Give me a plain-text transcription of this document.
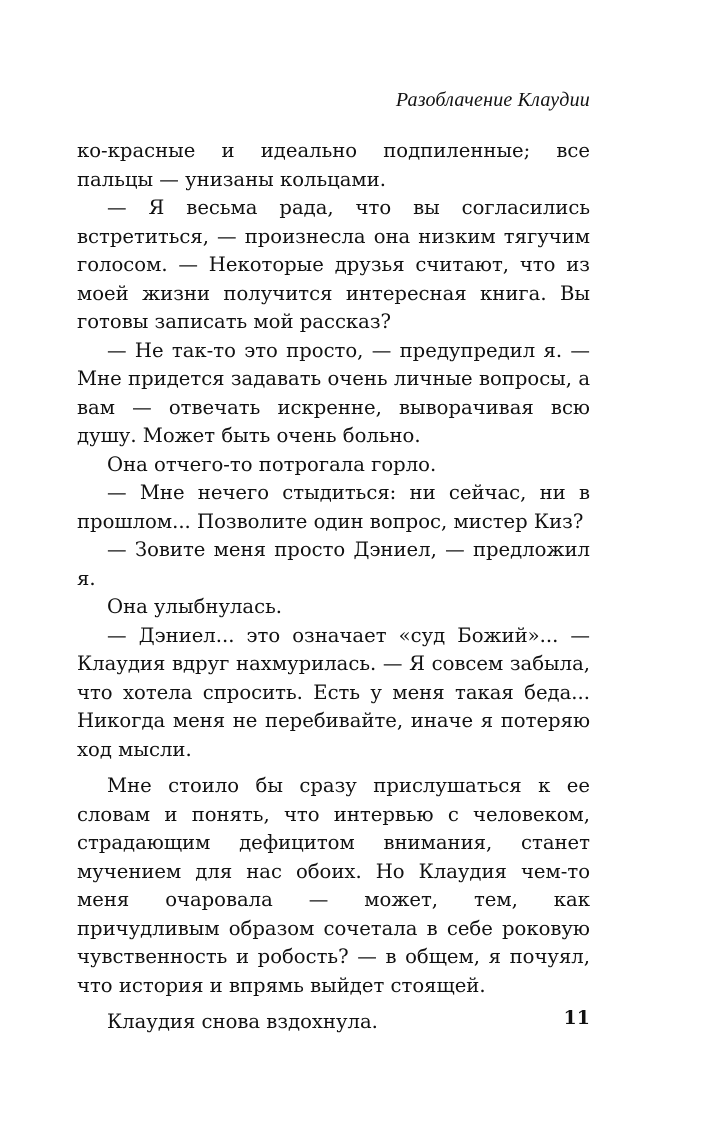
Разоблачение Клаудии

ко-красные и идеально подпиленные; все пальцы — унизаны кольцами.

— Я весьма рада, что вы согласились встретиться, — произнесла она низким тягучим голосом. — Некоторые друзья считают, что из моей жизни получится интересная книга. Вы готовы записать мой рассказ?

— Не так-то это просто, — предупредил я. — Мне придется задавать очень личные вопросы, а вам — отвечать искренне, выворачивая всю душу. Может быть очень больно.

Она отчего-то потрогала горло.

— Мне нечего стыдиться: ни сейчас, ни в прошлом... Позволите один вопрос, мистер Киз?

— Зовите меня просто Дэниел, — предложил я.

Она улыбнулась.

— Дэниел... это означает «суд Божий»... — Клаудия вдруг нахмурилась. — Я совсем забыла, что хотела спросить. Есть у меня такая беда... Никогда меня не перебивайте, иначе я потеряю ход мысли.

Мне стоило бы сразу прислушаться к ее словам и понять, что интервью с человеком, страдающим дефицитом внимания, станет мучением для нас обоих. Но Клаудия чем-то меня очаровала — может, тем, как причудливым образом сочетала в себе роковую чувственность и робость? — в общем, я почуял, что история и впрямь выйдет стоящей.

Клаудия снова вздохнула.	11
